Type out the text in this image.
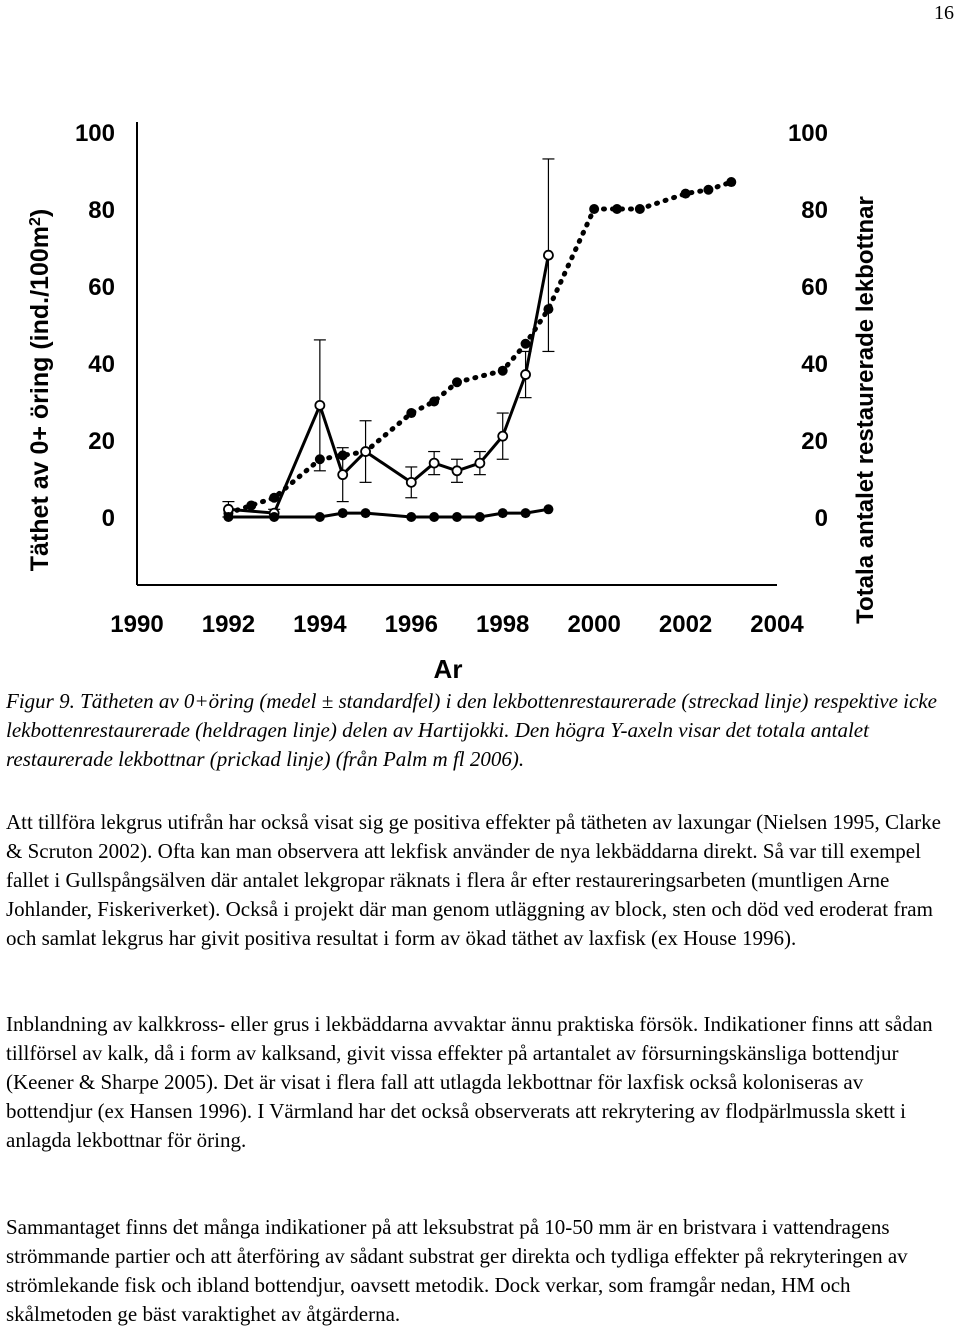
16
1990 1992 1994 1996 1998 2000 2002 2004
0	0
20	20
40	40
60	60
80	80
100	100
Ar
Täthet av 0+ öring $(ind./100m^2)$	Totala antalet restaurerade lekbottnar
Figur 9. Tätheten av 0+öring (medel ± standardfel) i den lekbottenrestaurerade (streckad linje) respektive icke lekbottenrestaurerade (heldragen linje) delen av Hartijokki. Den högra Y-axeln visar det totala antalet restaurerade lekbottnar (prickad linje) (från Palm m fl 2006).
Att tillföra lekgrus utifrån har också visat sig ge positiva effekter på tätheten av laxungar (Nielsen 1995, Clarke & Scruton 2002). Ofta kan man observera att lekfisk använder de nya lekbäddarna direkt. Så var till exempel fallet i Gullspångsälven där antalet lekgropar räknats i flera år efter restaureringsarbeten (muntligen Arne Johlander, Fiskeriverket). Också i projekt där man genom utläggning av block, sten och död ved eroderat fram och samlat lekgrus har givit positiva resultat i form av ökad täthet av laxfisk (ex House 1996).
Inblandning av kalkkross- eller grus i lekbäddarna avvaktar ännu praktiska försök. Indikationer finns att sådan tillförsel av kalk, då i form av kalksand, givit vissa effekter på artantalet av försurningskänsliga bottendjur (Keener & Sharpe 2005). Det är visat i flera fall att utlagda lekbottnar för laxfisk också koloniseras av bottendjur (ex Hansen 1996). I Värmland har det också observerats att rekrytering av flodpärlmussla skett i anlagda lekbottnar för öring.
Sammantaget finns det många indikationer på att leksubstrat på 10-50 mm är en bristvara i vattendragens strömmande partier och att återföring av sådant substrat ger direkta och tydliga effekter på rekryteringen av strömlekande fisk och ibland bottendjur, oavsett metodik. Dock verkar, som framgår nedan, HM och skålmetoden ge bäst varaktighet av åtgärderna.
